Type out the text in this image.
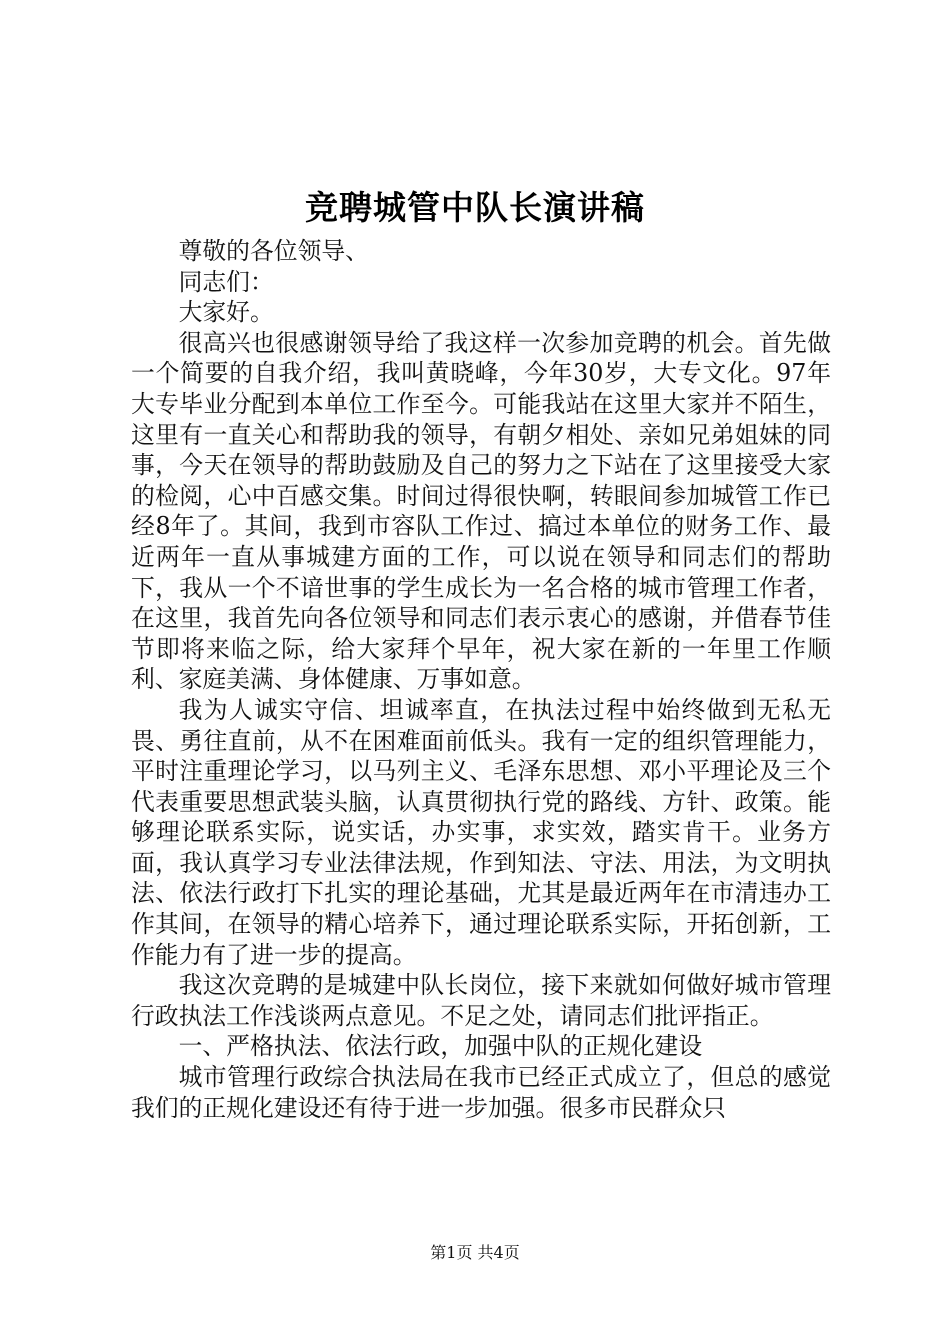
竞聘城管中队长演讲稿

尊敬的各位领导、

同志们：

大家好。

很高兴也很感谢领导给了我这样一次参加竞聘的机会。首先做一个简要的自我介绍，我叫黄晓峰，今年30岁，大专文化。97年大专毕业分配到本单位工作至今。可能我站在这里大家并不陌生，这里有一直关心和帮助我的领导，有朝夕相处、亲如兄弟姐妹的同事，今天在领导的帮助鼓励及自己的努力之下站在了这里接受大家的检阅，心中百感交集。时间过得很快啊，转眼间参加城管工作已经8年了。其间，我到市容队工作过、搞过本单位的财务工作、最近两年一直从事城建方面的工作，可以说在领导和同志们的帮助下，我从一个不谙世事的学生成长为一名合格的城市管理工作者，在这里，我首先向各位领导和同志们表示衷心的感谢，并借春节佳节即将来临之际，给大家拜个早年，祝大家在新的一年里工作顺利、家庭美满、身体健康、万事如意。

我为人诚实守信、坦诚率直，在执法过程中始终做到无私无畏、勇往直前，从不在困难面前低头。我有一定的组织管理能力，平时注重理论学习，以马列主义、毛泽东思想、邓小平理论及三个代表重要思想武装头脑，认真贯彻执行党的路线、方针、政策。能够理论联系实际，说实话，办实事，求实效，踏实肯干。业务方面，我认真学习专业法律法规，作到知法、守法、用法，为文明执法、依法行政打下扎实的理论基础，尤其是最近两年在市清违办工作其间，在领导的精心培养下，通过理论联系实际，开拓创新，工作能力有了进一步的提高。

我这次竞聘的是城建中队长岗位，接下来就如何做好城市管理行政执法工作浅谈两点意见。不足之处，请同志们批评指正。

一、严格执法、依法行政，加强中队的正规化建设

城市管理行政综合执法局在我市已经正式成立了，但总的感觉我们的正规化建设还有待于进一步加强。很多市民群众只

第1页 共4页
